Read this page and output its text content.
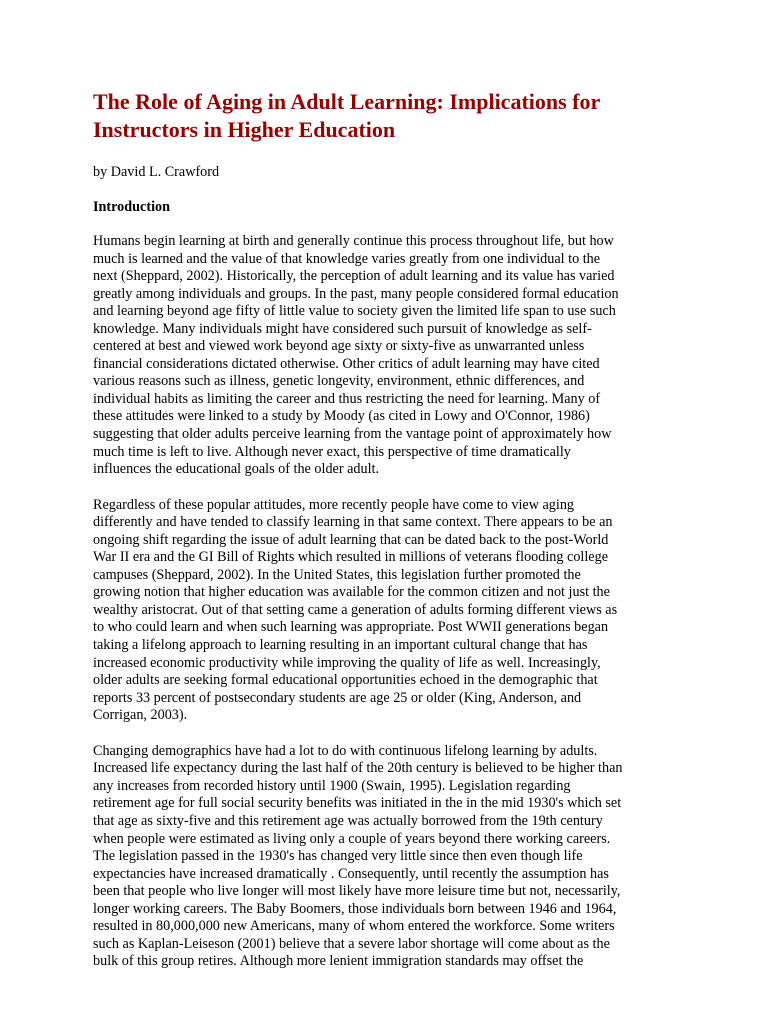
The Role of Aging in Adult Learning: Implications for
Instructors in Higher Education

by David L. Crawford

Introduction

Humans begin learning at birth and generally continue this process throughout life, but how
much is learned and the value of that knowledge varies greatly from one individual to the
next (Sheppard, 2002). Historically, the perception of adult learning and its value has varied
greatly among individuals and groups. In the past, many people considered formal education
and learning beyond age fifty of little value to society given the limited life span to use such
knowledge. Many individuals might have considered such pursuit of knowledge as self-
centered at best and viewed work beyond age sixty or sixty-five as unwarranted unless
financial considerations dictated otherwise. Other critics of adult learning may have cited
various reasons such as illness, genetic longevity, environment, ethnic differences, and
individual habits as limiting the career and thus restricting the need for learning. Many of
these attitudes were linked to a study by Moody (as cited in Lowy and O'Connor, 1986)
suggesting that older adults perceive learning from the vantage point of approximately how
much time is left to live. Although never exact, this perspective of time dramatically
influences the educational goals of the older adult.

Regardless of these popular attitudes, more recently people have come to view aging
differently and have tended to classify learning in that same context. There appears to be an
ongoing shift regarding the issue of adult learning that can be dated back to the post-World
War II era and the GI Bill of Rights which resulted in millions of veterans flooding college
campuses (Sheppard, 2002). In the United States, this legislation further promoted the
growing notion that higher education was available for the common citizen and not just the
wealthy aristocrat. Out of that setting came a generation of adults forming different views as
to who could learn and when such learning was appropriate. Post WWII generations began
taking a lifelong approach to learning resulting in an important cultural change that has
increased economic productivity while improving the quality of life as well. Increasingly,
older adults are seeking formal educational opportunities echoed in the demographic that
reports 33 percent of postsecondary students are age 25 or older (King, Anderson, and
Corrigan, 2003).

Changing demographics have had a lot to do with continuous lifelong learning by adults.
Increased life expectancy during the last half of the 20th century is believed to be higher than
any increases from recorded history until 1900 (Swain, 1995). Legislation regarding
retirement age for full social security benefits was initiated in the in the mid 1930's which set
that age as sixty-five and this retirement age was actually borrowed from the 19th century
when people were estimated as living only a couple of years beyond there working careers.
The legislation passed in the 1930's has changed very little since then even though life
expectancies have increased dramatically . Consequently, until recently the assumption has
been that people who live longer will most likely have more leisure time but not, necessarily,
longer working careers. The Baby Boomers, those individuals born between 1946 and 1964,
resulted in 80,000,000 new Americans, many of whom entered the workforce. Some writers
such as Kaplan-Leiseson (2001) believe that a severe labor shortage will come about as the
bulk of this group retires. Although more lenient immigration standards may offset the
